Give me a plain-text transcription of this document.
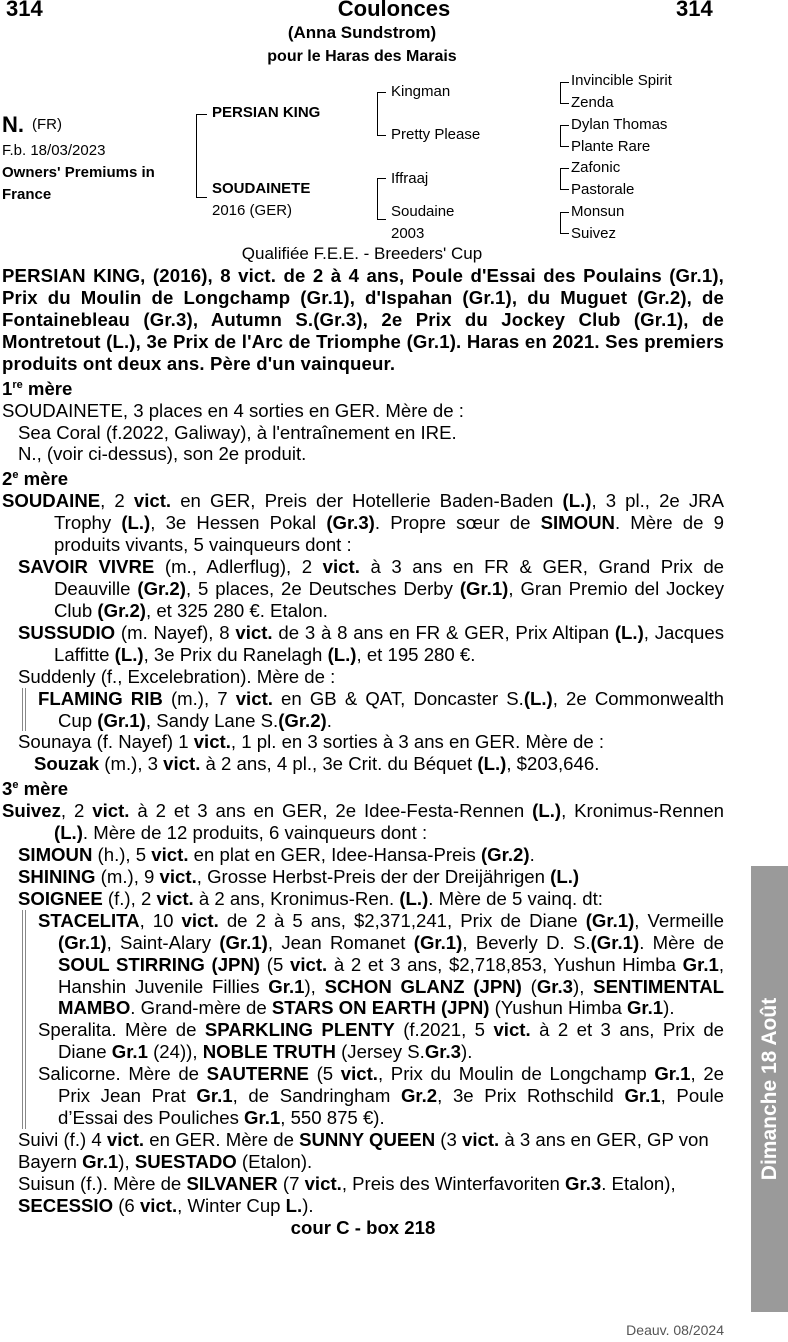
314	Coulonces	314
(Anna Sundstrom)
pour le Haras des Marais
N. (FR)
F.b. 18/03/2023
Owners' Premiums in
France
PERSIAN KING
SOUDAINETE
2016 (GER)
Kingman
Pretty Please
Iffraaj
Soudaine
2003
Invincible Spirit
Zenda
Dylan Thomas
Plante Rare
Zafonic
Pastorale
Monsun
Suivez
Qualifiée F.E.E. - Breeders' Cup

PERSIAN KING, (2016), 8 vict. de 2 à 4 ans, Poule d'Essai des Poulains (Gr.1), Prix du Moulin de Longchamp (Gr.1), d'Ispahan (Gr.1), du Muguet (Gr.2), de Fontainebleau (Gr.3), Autumn S.(Gr.3), 2e Prix du Jockey Club (Gr.1), de Montretout (L.), 3e Prix de l'Arc de Triomphe (Gr.1). Haras en 2021. Ses premiers produits ont deux ans. Père d'un vainqueur.

1re mère

SOUDAINETE, 3 places en 4 sorties en GER. Mère de :

Sea Coral (f.2022, Galiway), à l'entraînement en IRE.

N., (voir ci-dessus), son 2e produit.

2e mère

SOUDAINE, 2 vict. en GER, Preis der Hotellerie Baden-Baden (L.), 3 pl., 2e JRA Trophy (L.), 3e Hessen Pokal (Gr.3). Propre sœur de SIMOUN. Mère de 9 produits vivants, 5 vainqueurs dont :

SAVOIR VIVRE (m., Adlerflug), 2 vict. à 3 ans en FR & GER, Grand Prix de Deauville (Gr.2), 5 places, 2e Deutsches Derby (Gr.1), Gran Premio del Jockey Club (Gr.2), et 325 280 €. Etalon.

SUSSUDIO (m. Nayef), 8 vict. de 3 à 8 ans en FR & GER, Prix Altipan (L.), Jacques Laffitte (L.), 3e Prix du Ranelagh (L.), et 195 280 €.

Suddenly (f., Excelebration). Mère de :

FLAMING RIB (m.), 7 vict. en GB & QAT, Doncaster S.(L.), 2e Commonwealth Cup (Gr.1), Sandy Lane S.(Gr.2).

Sounaya (f. Nayef) 1 vict., 1 pl. en 3 sorties à 3 ans en GER. Mère de :

Souzak (m.), 3 vict. à 2 ans, 4 pl., 3e Crit. du Béquet (L.), $203,646.

3e mère

Suivez, 2 vict. à 2 et 3 ans en GER, 2e Idee-Festa-Rennen (L.), Kronimus-Rennen (L.). Mère de 12 produits, 6 vainqueurs dont :

SIMOUN (h.), 5 vict. en plat en GER, Idee-Hansa-Preis (Gr.2).

SHINING (m.), 9 vict., Grosse Herbst-Preis der der Dreijährigen (L.)

SOIGNEE (f.), 2 vict. à 2 ans, Kronimus-Ren. (L.). Mère de 5 vainq. dt:

STACELITA, 10 vict. de 2 à 5 ans, $2,371,241, Prix de Diane (Gr.1), Vermeille (Gr.1), Saint-Alary (Gr.1), Jean Romanet (Gr.1), Beverly D. S.(Gr.1). Mère de SOUL STIRRING (JPN) (5 vict. à 2 et 3 ans, $2,718,853, Yushun Himba Gr.1, Hanshin Juvenile Fillies Gr.1), SCHON GLANZ (JPN) (Gr.3), SENTIMENTAL MAMBO. Grand-mère de STARS ON EARTH (JPN) (Yushun Himba Gr.1).

Speralita. Mère de SPARKLING PLENTY (f.2021, 5 vict. à 2 et 3 ans, Prix de Diane Gr.1 (24)), NOBLE TRUTH (Jersey S.Gr.3).

Salicorne. Mère de SAUTERNE (5 vict., Prix du Moulin de Longchamp Gr.1, 2e Prix Jean Prat Gr.1, de Sandringham Gr.2, 3e Prix Rothschild Gr.1, Poule d’Essai des Pouliches Gr.1, 550 875 €).

Suivi (f.) 4 vict. en GER. Mère de SUNNY QUEEN (3 vict. à 3 ans en GER, GP von Bayern Gr.1), SUESTADO (Etalon).

Suisun (f.). Mère de SILVANER (7 vict., Preis des Winterfavoriten Gr.3. Etalon), SECESSIO (6 vict., Winter Cup L.).

cour C - box 218

Dimanche 18 Août
Deauv. 08/2024
